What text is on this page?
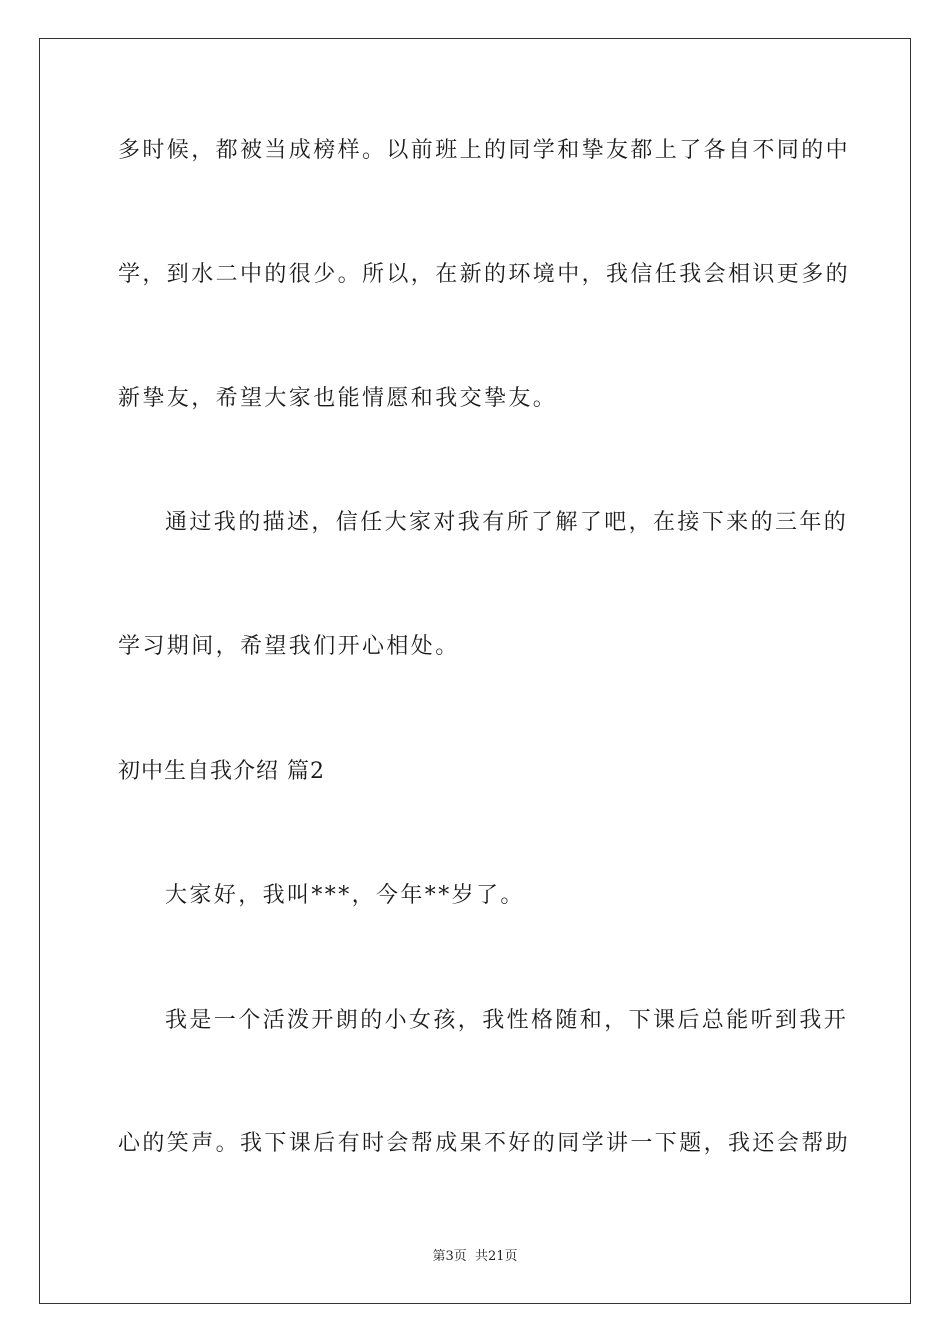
多时候，都被当成榜样。以前班上的同学和挚友都上了各自不同的中
学，到水二中的很少。所以，在新的环境中，我信任我会相识更多的
新挚友，希望大家也能情愿和我交挚友。
通过我的描述，信任大家对我有所了解了吧，在接下来的三年的
学习期间，希望我们开心相处。
初中生自我介绍 篇2
大家好，我叫***，今年**岁了。
我是一个活泼开朗的小女孩，我性格随和，下课后总能听到我开
心的笑声。我下课后有时会帮成果不好的同学讲一下题，我还会帮助
第3页 共21页
